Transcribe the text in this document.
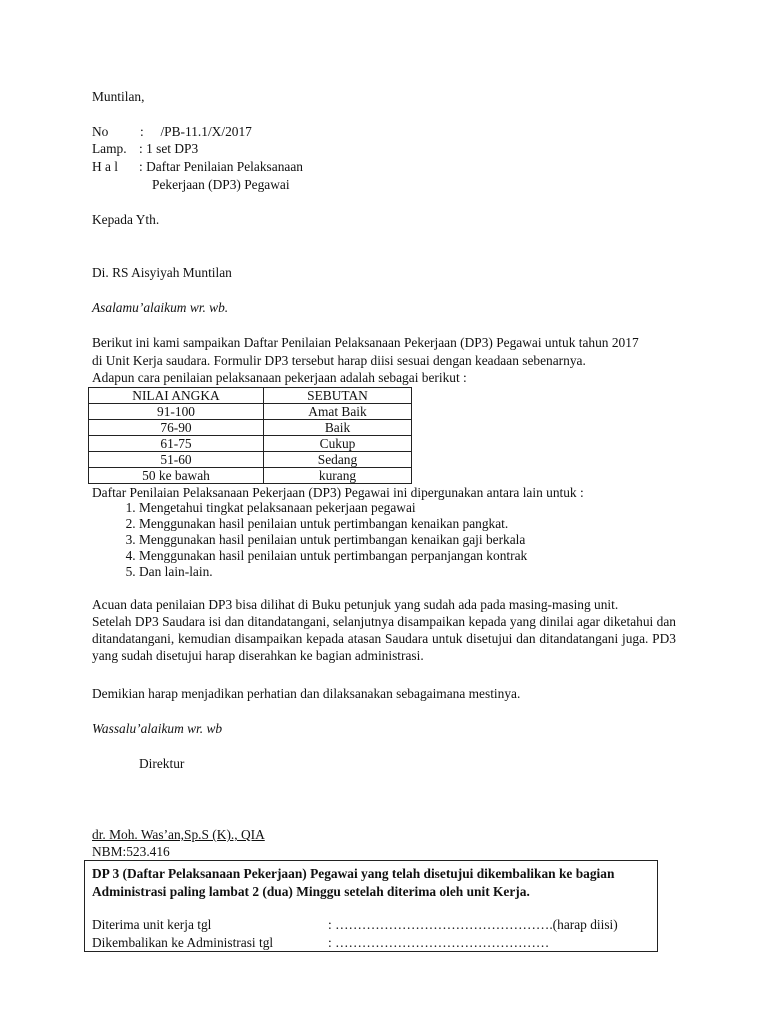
Muntilan,
No :     /PB-11.1/X/2017
Lamp. : 1 set DP3
H a l : Daftar Penilaian Pelaksanaan
Pekerjaan (DP3) Pegawai
Kepada Yth.
Di. RS Aisyiyah Muntilan
Asalamu’alaikum wr. wb.
Berikut ini kami sampaikan Daftar Penilaian Pelaksanaan Pekerjaan (DP3) Pegawai untuk tahun 2017
di Unit Kerja saudara. Formulir DP3 tersebut harap diisi sesuai dengan keadaan sebenarnya.
Adapun cara penilaian pelaksanaan pekerjaan adalah sebagai berikut :
NILAI ANGKA	SEBUTAN
91-100	Amat Baik
76-90	Baik
61-75	Cukup
51-60	Sedang
50 ke bawah	kurang
Daftar Penilaian Pelaksanaan Pekerjaan (DP3) Pegawai ini dipergunakan antara lain untuk :
1. Mengetahui tingkat pelaksanaan pekerjaan pegawai
2. Menggunakan hasil penilaian untuk pertimbangan kenaikan pangkat.
3. Menggunakan hasil penilaian untuk pertimbangan kenaikan gaji berkala
4. Menggunakan hasil penilaian untuk pertimbangan perpanjangan kontrak
5. Dan lain-lain.
Acuan data penilaian DP3 bisa dilihat di Buku petunjuk yang sudah ada pada masing-masing unit.
Setelah DP3 Saudara isi dan ditandatangani, selanjutnya disampaikan kepada yang dinilai agar diketahui dan ditandatangani, kemudian disampaikan kepada atasan Saudara untuk disetujui dan ditandatangani juga. PD3 yang sudah disetujui harap diserahkan ke bagian administrasi.
Demikian harap menjadikan perhatian dan dilaksanakan sebagaimana mestinya.
Wassalu’alaikum wr. wb
Direktur
dr. Moh. Was’an,Sp.S (K)., QIA
NBM:523.416
DP 3 (Daftar Pelaksanaan Pekerjaan) Pegawai yang telah disetujui dikembalikan ke bagian Administrasi paling lambat 2 (dua) Minggu setelah diterima oleh unit Kerja.
Diterima unit kerja tgl	: ………………………………………….(harap diisi)
Dikembalikan ke Administrasi tgl	: …………………………………………
